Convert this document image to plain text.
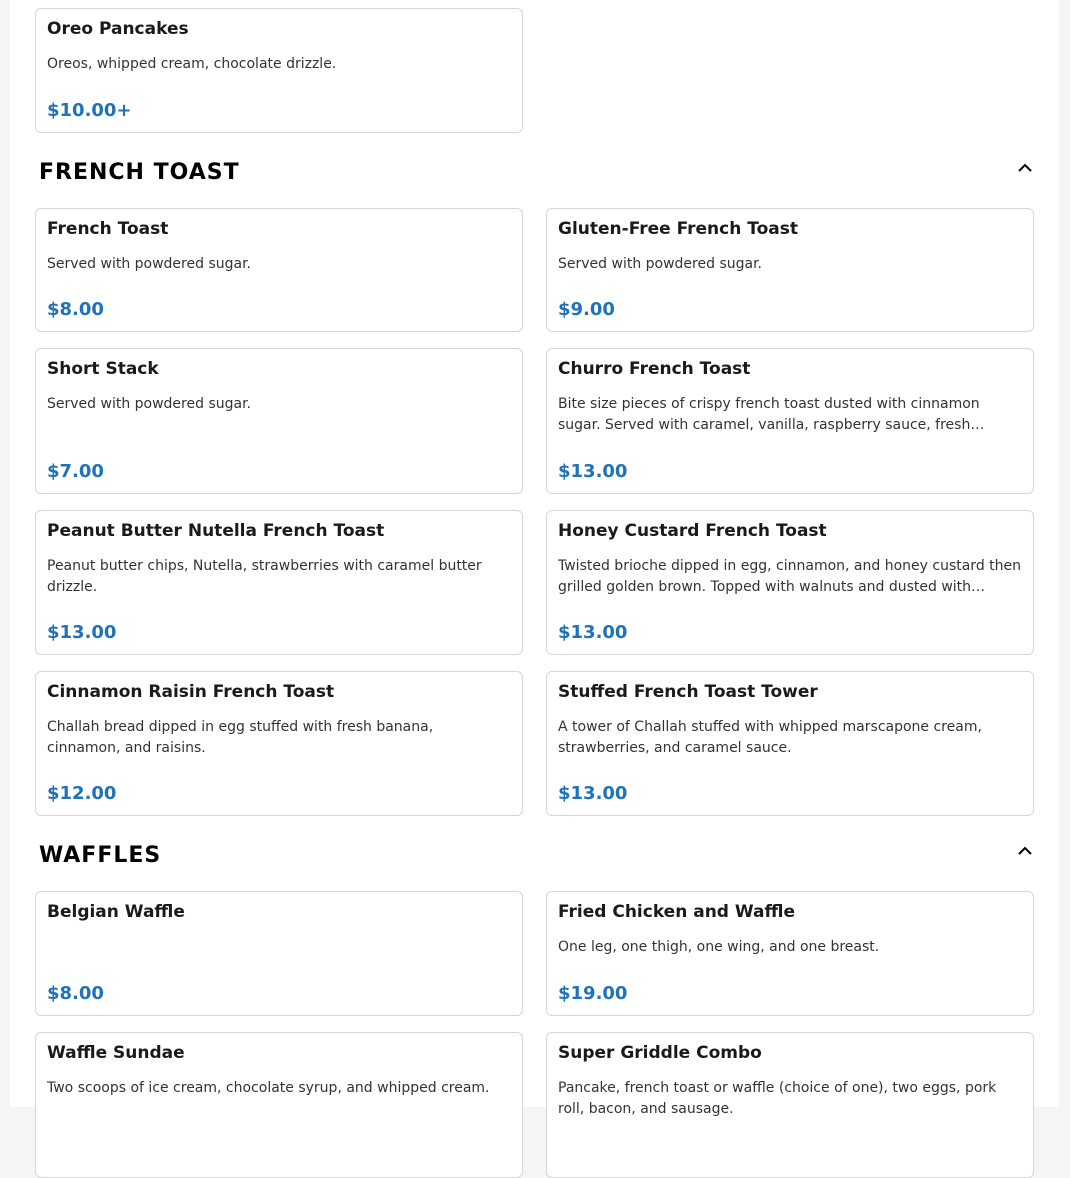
Oreo Pancakes
Oreos, whipped cream, chocolate drizzle.
$10.00+
FRENCH TOAST
French Toast
Served with powdered sugar.
$8.00
Gluten-Free French Toast
Served with powdered sugar.
$9.00
Short Stack
Served with powdered sugar.
$7.00
Churro French Toast
Bite size pieces of crispy french toast dusted with cinnamon sugar. Served with caramel, vanilla, raspberry sauce, fresh…
$13.00
Peanut Butter Nutella French Toast
Peanut butter chips, Nutella, strawberries with caramel butter drizzle.
$13.00
Honey Custard French Toast
Twisted brioche dipped in egg, cinnamon, and honey custard then grilled golden brown. Topped with walnuts and dusted with…
$13.00
Cinnamon Raisin French Toast
Challah bread dipped in egg stuffed with fresh banana, cinnamon, and raisins.
$12.00
Stuffed French Toast Tower
A tower of Challah stuffed with whipped marscapone cream, strawberries, and caramel sauce.
$13.00
WAFFLES
Belgian Waffle
$8.00
Fried Chicken and Waffle
One leg, one thigh, one wing, and one breast.
$19.00
Waffle Sundae
Two scoops of ice cream, chocolate syrup, and whipped cream.
Super Griddle Combo
Pancake, french toast or waffle (choice of one), two eggs, pork roll, bacon, and sausage.
